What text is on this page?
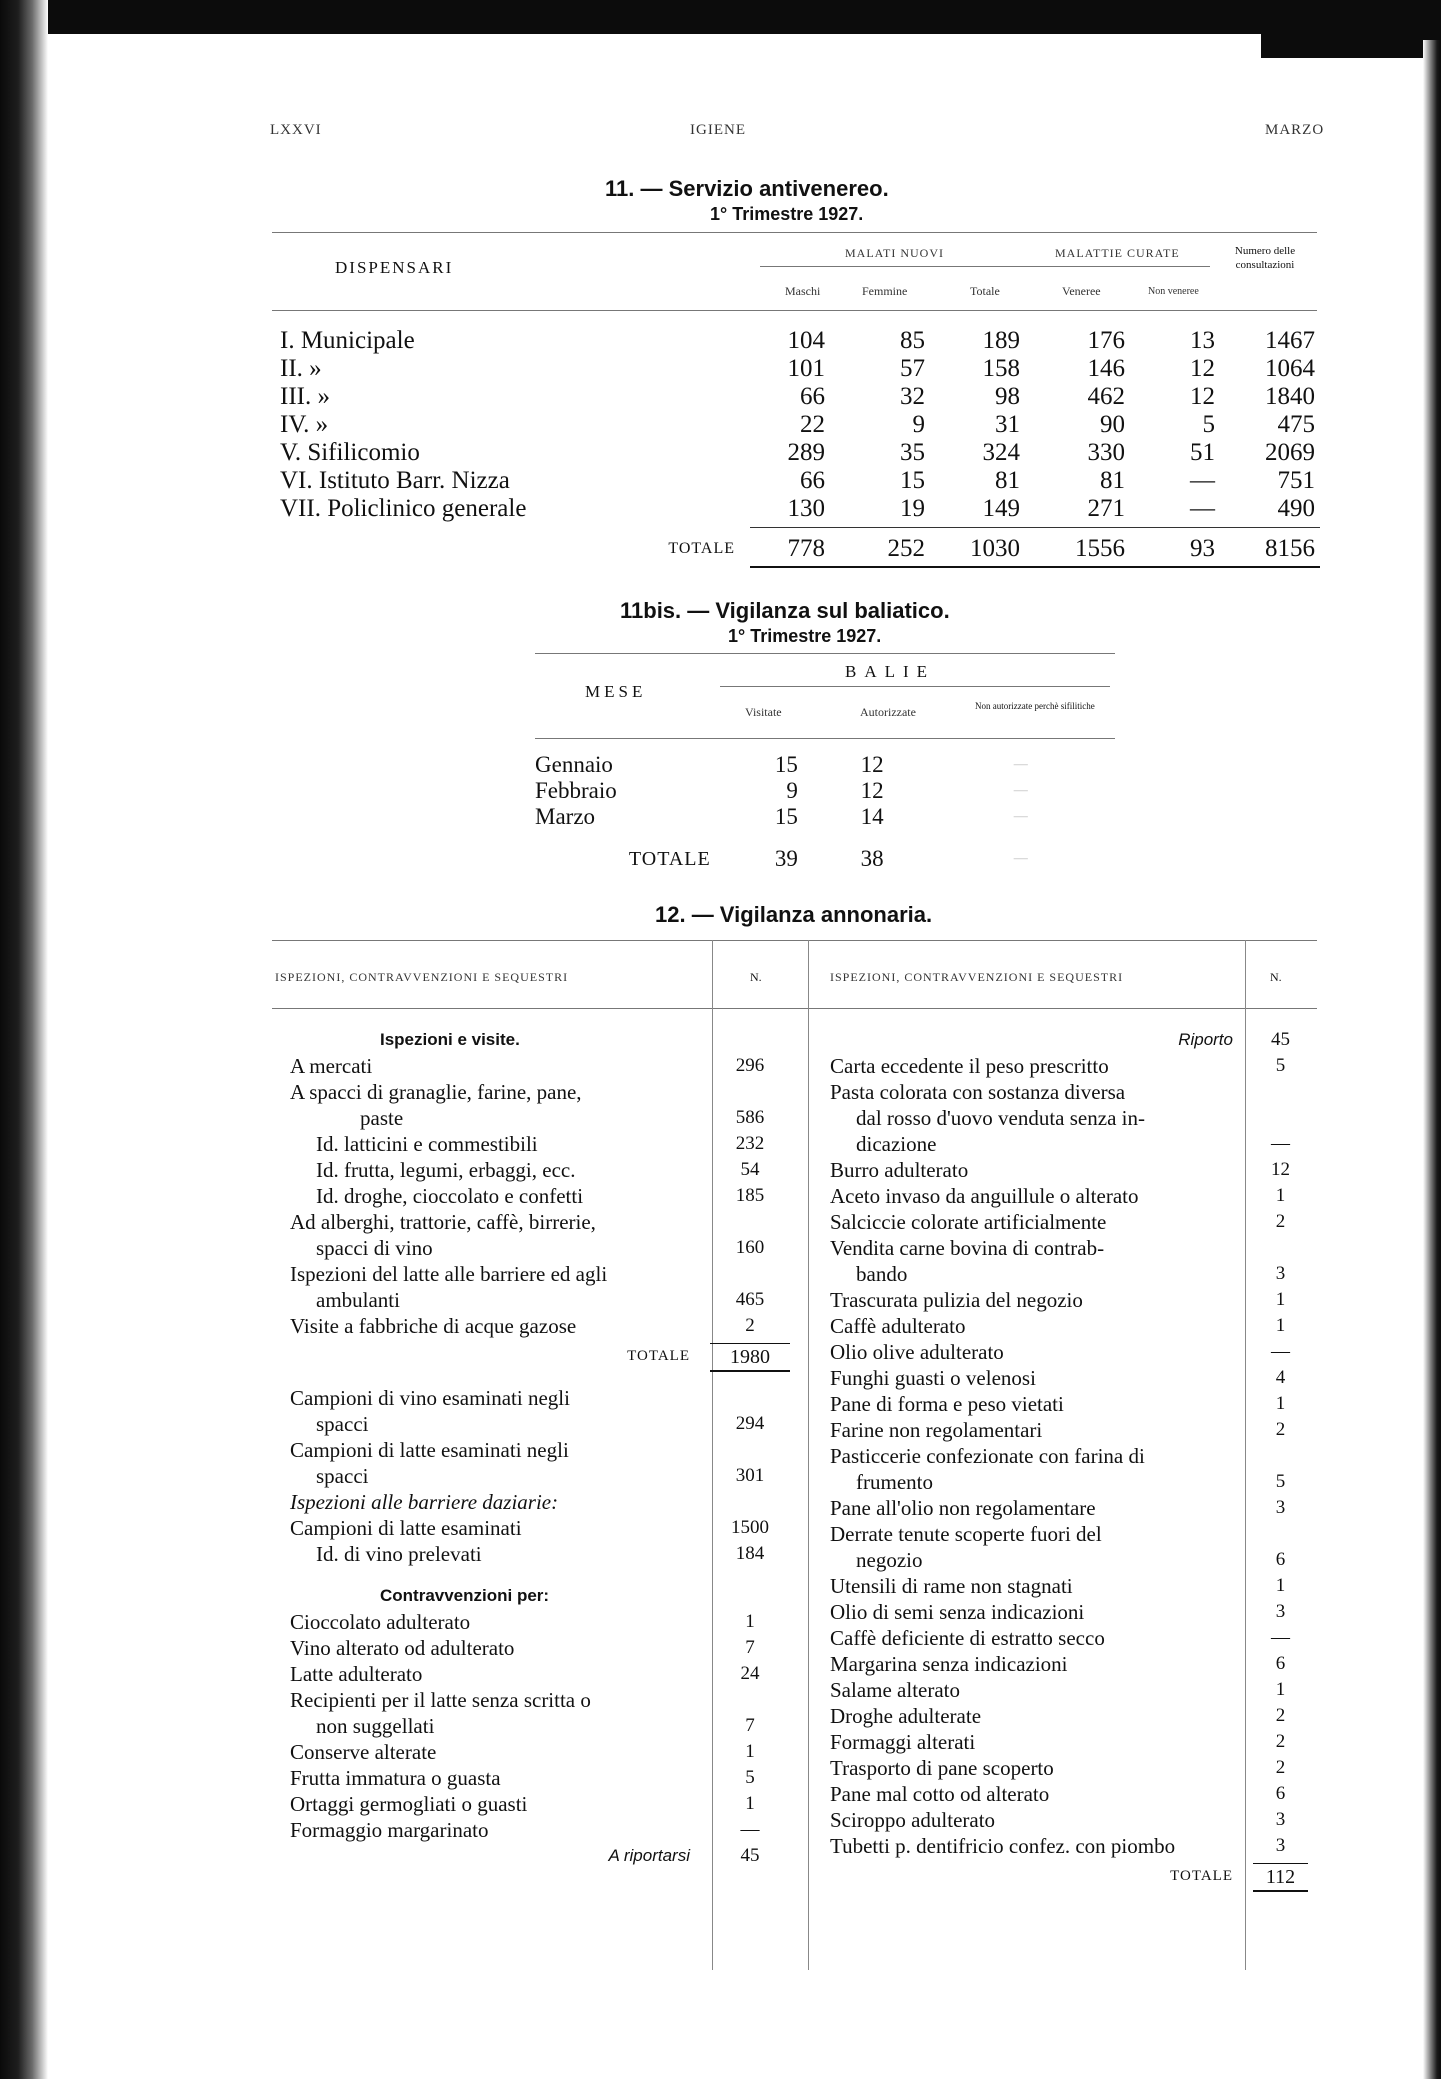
LXXVI	IGIENE	MARZO
11. — Servizio antivenereo.
1° Trimestre 1927.
DISPENSARI
MALATI NUOVI	MALATTIE CURATE	Numero delle consultazioni
Maschi	Femmine	Totale	Veneree	Non veneree
I. Municipale	104	85	189	176	13	1467
II. »	101	57	158	146	12	1064
III. »	66	32	98	462	12	1840
IV. »	22	9	31	90	5	475
V. Sifilicomio	289	35	324	330	51	2069
VI. Istituto Barr. Nizza	66	15	81	81	—	751
VII. Policlinico generale	130	19	149	271	—	490
TOTALE	778	252	1030	1556	93	8156
11bis. — Vigilanza sul baliatico.
1° Trimestre 1927.
MESE
BALIE
Visitate	Autorizzate	Non autorizzate perchè sifilitiche
Gennaio	15	12	—
Febbraio	9	12	—
Marzo	15	14	—
TOTALE	39	38	—
12. — Vigilanza annonaria.
ISPEZIONI, CONTRAVVENZIONI E SEQUESTRI	N.	ISPEZIONI, CONTRAVVENZIONI E SEQUESTRI	N.
Ispezioni e visite.
A mercati	296
A spacci di granaglie, farine, pane,
paste	586
Id. latticini e commestibili	232
Id. frutta, legumi, erbaggi, ecc.	54
Id. droghe, cioccolato e confetti	185
Ad alberghi, trattorie, caffè, birrerie,
spacci di vino	160
Ispezioni del latte alle barriere ed agli
ambulanti	465
Visite a fabbriche di acque gazose	2
TOTALE	1980
Campioni di vino esaminati negli
spacci	294
Campioni di latte esaminati negli
spacci	301
Ispezioni alle barriere daziarie:
Campioni di latte esaminati	1500
Id. di vino prelevati	184
Contravvenzioni per:
Cioccolato adulterato	1
Vino alterato od adulterato	7
Latte adulterato	24
Recipienti per il latte senza scritta o
non suggellati	7
Conserve alterate	1
Frutta immatura o guasta	5
Ortaggi germogliati o guasti	1
Formaggio margarinato	—
A riportarsi	45
Riporto	45
Carta eccedente il peso prescritto	5
Pasta colorata con sostanza diversa
dal rosso d'uovo venduta senza in-
dicazione	—
Burro adulterato	12
Aceto invaso da anguillule o alterato	1
Salciccie colorate artificialmente	2
Vendita carne bovina di contrab-
bando	3
Trascurata pulizia del negozio	1
Caffè adulterato	1
Olio olive adulterato	—
Funghi guasti o velenosi	4
Pane di forma e peso vietati	1
Farine non regolamentari	2
Pasticcerie confezionate con farina di
frumento	5
Pane all'olio non regolamentare	3
Derrate tenute scoperte fuori del
negozio	6
Utensili di rame non stagnati	1
Olio di semi senza indicazioni	3
Caffè deficiente di estratto secco	—
Margarina senza indicazioni	6
Salame alterato	1
Droghe adulterate	2
Formaggi alterati	2
Trasporto di pane scoperto	2
Pane mal cotto od alterato	6
Sciroppo adulterato	3
Tubetti p. dentifricio confez. con piombo	3
TOTALE	112
